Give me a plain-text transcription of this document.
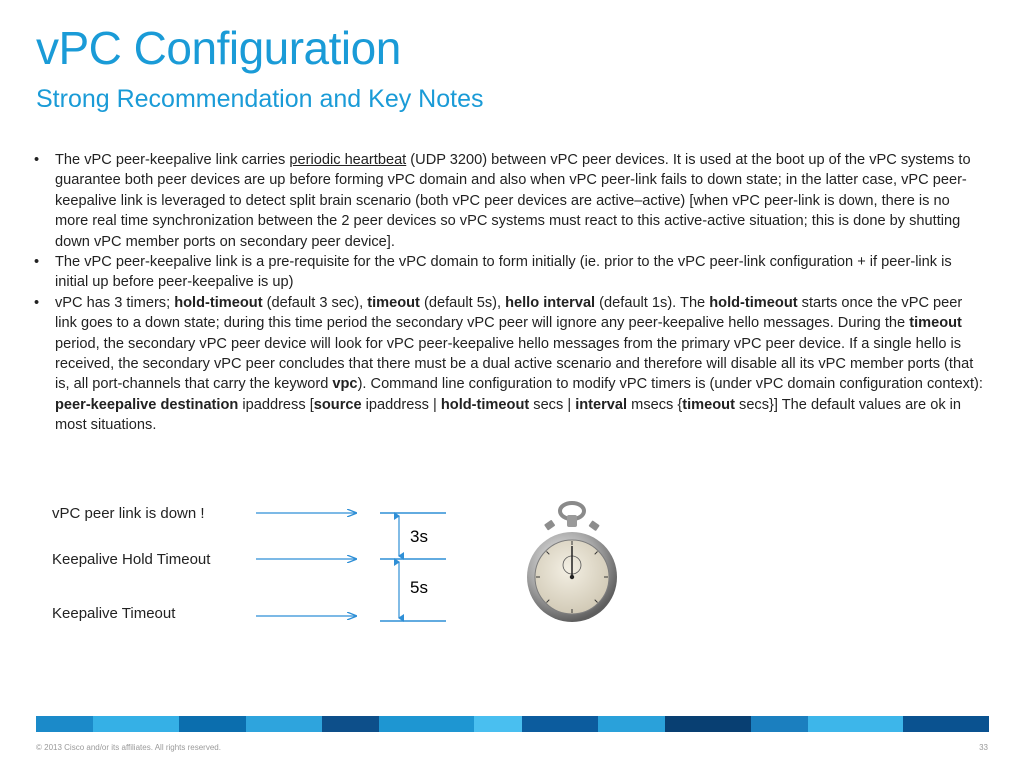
vPC Configuration
Strong Recommendation and Key Notes
• The vPC peer-keepalive link carries periodic heartbeat (UDP 3200) between vPC peer devices. It is used at the boot up of the vPC systems to guarantee both peer devices are up before forming vPC domain and also when vPC peer-link fails to down state; in the latter case, vPC peer-keepalive link is leveraged to detect split brain scenario (both vPC peer devices are active–active) [when vPC peer-link is down, there is no more real time synchronization between the 2 peer devices so vPC systems must react to this active-active situation; this is done by shutting down vPC member ports on secondary peer device].
• The vPC peer-keepalive link is a pre-requisite for the vPC domain to form initially (ie. prior to the vPC peer-link configuration + if peer-link is initial up before peer-keepalive is up)
• vPC has 3 timers; hold-timeout (default 3 sec), timeout (default 5s), hello interval (default 1s). The hold-timeout starts once the vPC peer link goes to a down state; during this time period the secondary vPC peer will ignore any peer-keepalive hello messages. During the timeout period, the secondary vPC peer device will look for vPC peer-keepalive hello messages from the primary vPC peer device. If a single hello is received, the secondary vPC peer concludes that there must be a dual active scenario and therefore will disable all its vPC member ports (that is, all port-channels that carry the keyword vpc). Command line configuration to modify vPC timers is (under vPC domain configuration context): peer-keepalive destination ipaddress [source ipaddress | hold-timeout secs | interval msecs {timeout secs}] The default values are ok in most situations.
vPC peer link is down !
Keepalive Hold Timeout
Keepalive Timeout
3s
5s
© 2013 Cisco and/or its affiliates. All rights reserved.	33
